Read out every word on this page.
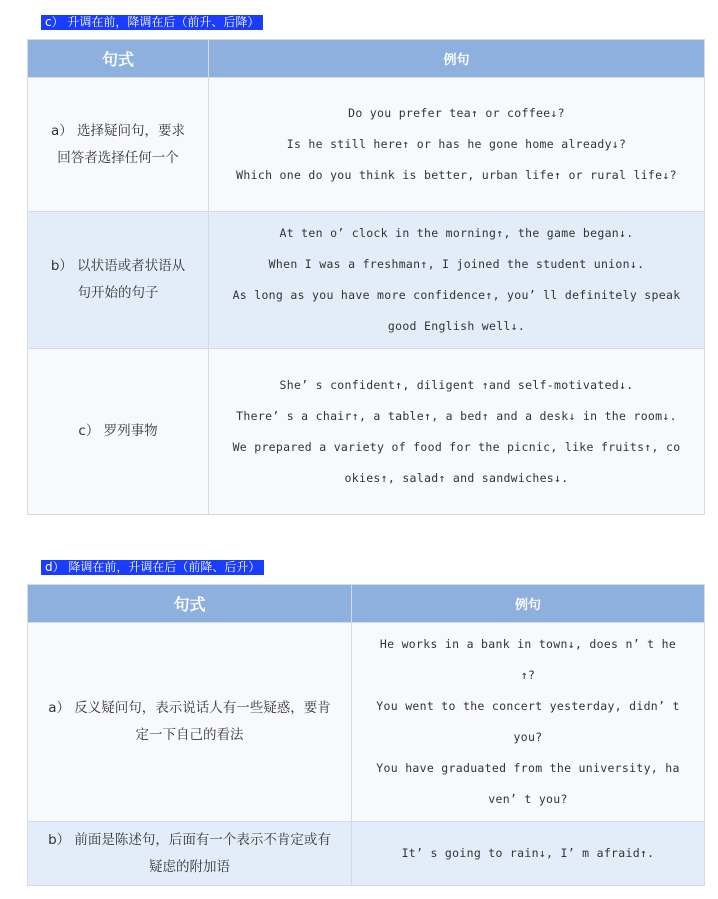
c） 升调在前，降调在后（前升、后降）
句式	例句
a） 选择疑问句，要求回答者选择任何一个	Do you prefer tea↑ or coffee↓?
Is he still here↑ or has he gone home already↓?
Which one do you think is better, urban life↑ or rural life↓?

b） 以状语或者状语从句开始的句子	At ten o’ clock in the morning↑, the game began↓.
When I was a freshman↑, I joined the student union↓.
As long as you have more confidence↑, you’ ll definitely speak good English well↓.

c） 罗列事物	She’ s confident↑, diligent ↑and self-motivated↓.
There’ s a chair↑, a table↑, a bed↑ and a desk↓ in the room↓.
We prepared a variety of food for the picnic, like fruits↑, cookies↑, salad↑ and sandwiches↓.
d） 降调在前，升调在后（前降、后升）
句式	例句
a） 反义疑问句，表示说话人有一些疑惑，要肯定一下自己的看法	He works in a bank in town↓, does n’ t he↑?
You went to the concert yesterday, didn’ t you?
You have graduated from the university, haven’ t you?

b） 前面是陈述句，后面有一个表示不肯定或有疑虑的附加语	It’ s going to rain↓, I’ m afraid↑.
